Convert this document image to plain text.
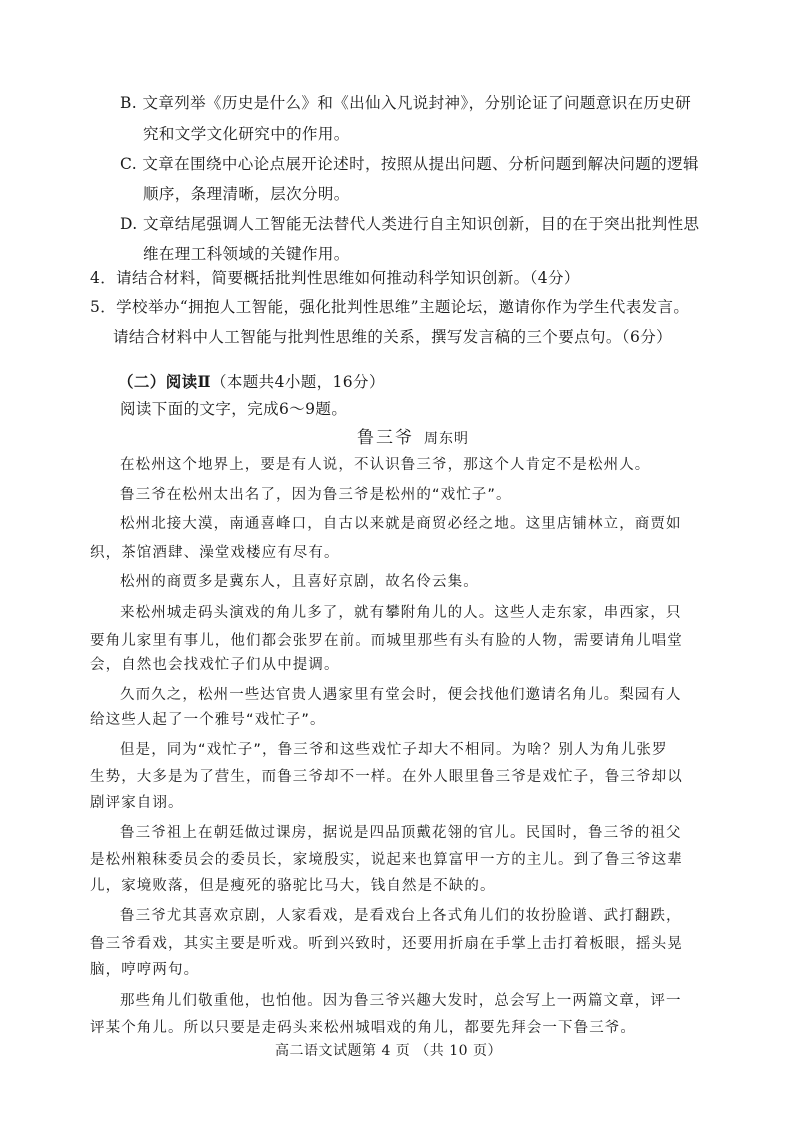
B. 文章列举《历史是什么》和《出仙入凡说封神》，分别论证了问题意识在历史研

究和文学文化研究中的作用。

C. 文章在围绕中心论点展开论述时，按照从提出问题、分析问题到解决问题的逻辑

顺序，条理清晰，层次分明。

D. 文章结尾强调人工智能无法替代人类进行自主知识创新，目的在于突出批判性思

维在理工科领域的关键作用。

4．请结合材料，简要概括批判性思维如何推动科学知识创新。（4分）

5．学校举办“拥抱人工智能，强化批判性思维”主题论坛，邀请你作为学生代表发言。

请结合材料中人工智能与批判性思维的关系，撰写发言稿的三个要点句。（6分）

（二）阅读Ⅱ（本题共4小题，16分）

阅读下面的文字，完成6～9题。

鲁三爷 周东明

在松州这个地界上，要是有人说，不认识鲁三爷，那这个人肯定不是松州人。

鲁三爷在松州太出名了，因为鲁三爷是松州的“戏忙子”。

松州北接大漠，南通喜峰口，自古以来就是商贸必经之地。这里店铺林立，商贾如

织，茶馆酒肆、澡堂戏楼应有尽有。

松州的商贾多是冀东人，且喜好京剧，故名伶云集。

来松州城走码头演戏的角儿多了，就有攀附角儿的人。这些人走东家，串西家，只

要角儿家里有事儿，他们都会张罗在前。而城里那些有头有脸的人物，需要请角儿唱堂

会，自然也会找戏忙子们从中提调。

久而久之，松州一些达官贵人遇家里有堂会时，便会找他们邀请名角儿。梨园有人

给这些人起了一个雅号“戏忙子”。

但是，同为“戏忙子”，鲁三爷和这些戏忙子却大不相同。为啥？别人为角儿张罗

生势，大多是为了营生，而鲁三爷却不一样。在外人眼里鲁三爷是戏忙子，鲁三爷却以

剧评家自诩。

鲁三爷祖上在朝廷做过课房，据说是四品顶戴花翎的官儿。民国时，鲁三爷的祖父

是松州粮秣委员会的委员长，家境殷实，说起来也算富甲一方的主儿。到了鲁三爷这辈

儿，家境败落，但是瘦死的骆驼比马大，钱自然是不缺的。

鲁三爷尤其喜欢京剧，人家看戏，是看戏台上各式角儿们的妆扮脸谱、武打翻跌，

鲁三爷看戏，其实主要是听戏。听到兴致时，还要用折扇在手掌上击打着板眼，摇头晃

脑，哼哼两句。

那些角儿们敬重他，也怕他。因为鲁三爷兴趣大发时，总会写上一两篇文章，评一

评某个角儿。所以只要是走码头来松州城唱戏的角儿，都要先拜会一下鲁三爷。

高二语文试题第 4 页 （共 10 页）
